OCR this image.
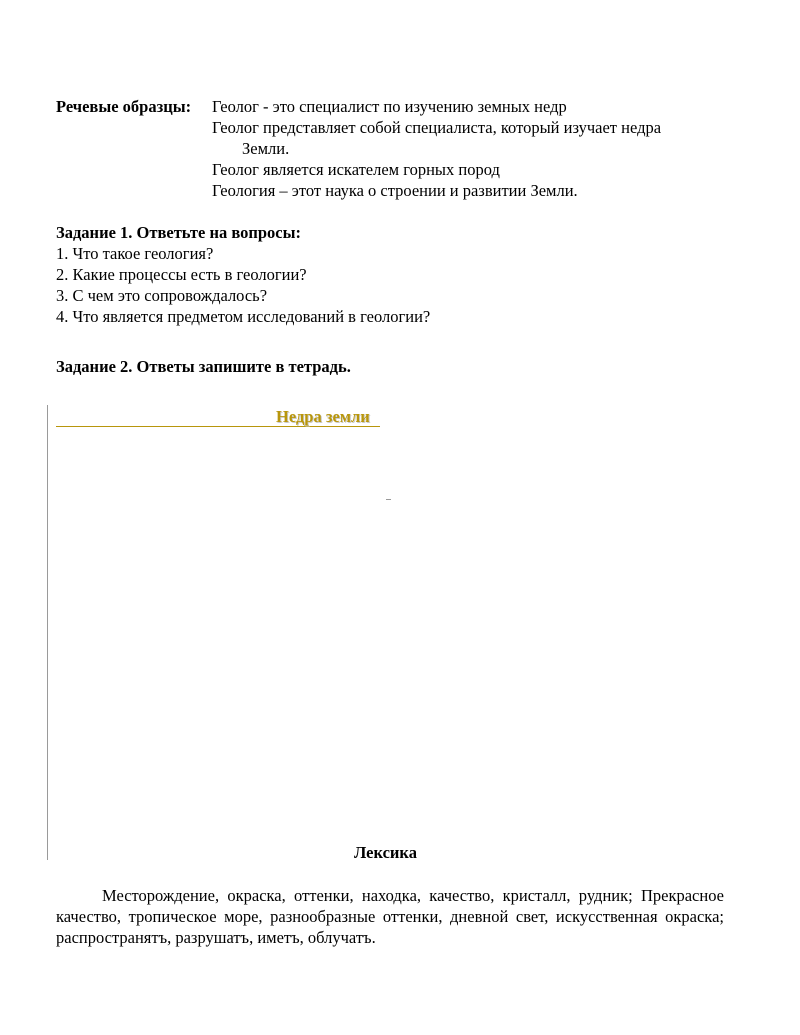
Речевые образцы: Геолог - это специалист по изучению земных недр
Геолог представляет собой специалиста, который изучает недра
Земли.
Геолог является искателем горных пород
Геология – этот наука о строении и развитии Земли.
Задание 1. Ответьте на вопросы:
1. Что такое геология?
2. Какие процессы есть в геологии?
3. С чем это сопровождалось?
4. Что является предметом исследований в геологии?
Задание 2. Ответы запишите в тетрадь.
Недра земли
Лексика

Месторождение, окраска, оттенки, находка, качество, кристалл, рудник; Прекрасное качество, тропическое море, разнообразные оттенки, дневной свет, искусственная окраска; распространятъ, разрушатъ, иметъ, облучатъ.
